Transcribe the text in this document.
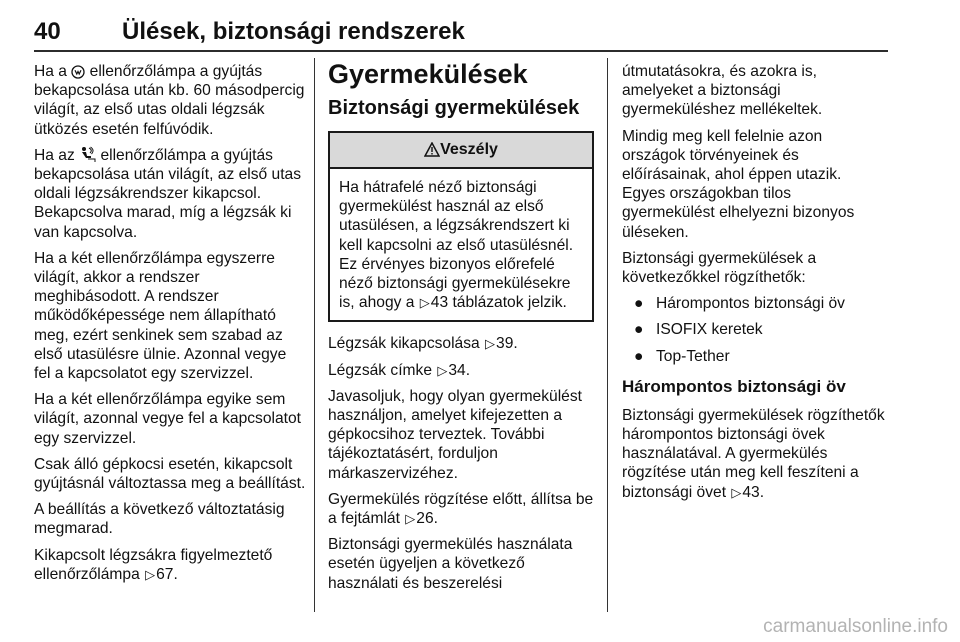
40	Ülések, biztonsági rendszerek

Ha a ellenőrzőlámpa a gyújtás bekapcsolása után kb. 60 másodpercig világít, az első utas oldali légzsák ütközés esetén felfúvódik.

Ha az ellenőrzőlámpa a gyújtás bekapcsolása után világít, az első utas oldali légzsákrendszer kikapcsol. Bekapcsolva marad, míg a légzsák ki van kapcsolva.

Ha a két ellenőrzőlámpa egyszerre világít, akkor a rendszer meghibásodott. A rendszer működőképessége nem állapítható meg, ezért senkinek sem szabad az első utasülésre ülnie. Azonnal vegye fel a kapcsolatot egy szervizzel.

Ha a két ellenőrzőlámpa egyike sem világít, azonnal vegye fel a kapcsolatot egy szervizzel.

Csak álló gépkocsi esetén, kikapcsolt gyújtásnál változtassa meg a beállítást.

A beállítás a következő változtatásig megmarad.

Kikapcsolt légzsákra figyelmeztető ellenőrzőlámpa ▷67.

Gyermekülések
Biztonsági gyermekülések
Veszély
Ha hátrafelé néző biztonsági gyermekülést használ az első utasülésen, a légzsákrendszert ki kell kapcsolni az első utasülésnél. Ez érvényes bizonyos előrefelé néző biztonsági gyermekülésekre is, ahogy a ▷43 táblázatok jelzik.

Légzsák kikapcsolása ▷39.

Légzsák címke ▷34.

Javasoljuk, hogy olyan gyermekülést használjon, amelyet kifejezetten a gépkocsihoz terveztek. További tájékoztatásért, forduljon márkaszervizéhez.

Gyermekülés rögzítése előtt, állítsa be a fejtámlát ▷26.

Biztonsági gyermekülés használata esetén ügyeljen a következő használati és beszerelési

útmutatásokra, és azokra is, amelyeket a biztonsági gyermeküléshez mellékeltek.

Mindig meg kell felelnie azon országok törvényeinek és előírásainak, ahol éppen utazik. Egyes országokban tilos gyermekülést elhelyezni bizonyos üléseken.

Biztonsági gyermekülések a következőkkel rögzíthetők:

● Hárompontos biztonsági öv
● ISOFIX keretek
● Top-Tether
Hárompontos biztonsági öv

Biztonsági gyermekülések rögzíthetők hárompontos biztonsági övek használatával. A gyermekülés rögzítése után meg kell feszíteni a biztonsági övet ▷43.

carmanualsonline.info
